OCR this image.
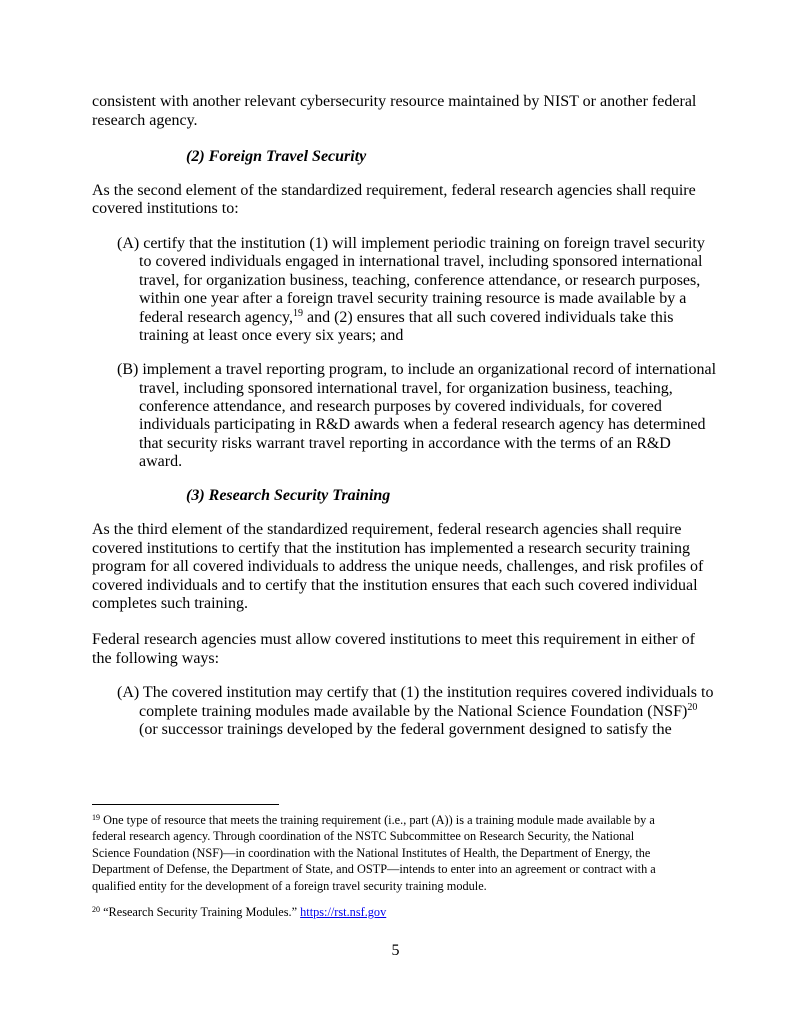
consistent with another relevant cybersecurity resource maintained by NIST or another federal
research agency.
(2) Foreign Travel Security
As the second element of the standardized requirement, federal research agencies shall require
covered institutions to:
(A) certify that the institution (1) will implement periodic training on foreign travel security
to covered individuals engaged in international travel, including sponsored international
travel, for organization business, teaching, conference attendance, or research purposes,
within one year after a foreign travel security training resource is made available by a
federal research agency,$^{19}$ and (2) ensures that all such covered individuals take this
training at least once every six years; and
(B) implement a travel reporting program, to include an organizational record of international
travel, including sponsored international travel, for organization business, teaching,
conference attendance, and research purposes by covered individuals, for covered
individuals participating in R&D awards when a federal research agency has determined
that security risks warrant travel reporting in accordance with the terms of an R&D
award.
(3) Research Security Training
As the third element of the standardized requirement, federal research agencies shall require
covered institutions to certify that the institution has implemented a research security training
program for all covered individuals to address the unique needs, challenges, and risk profiles of
covered individuals and to certify that the institution ensures that each such covered individual
completes such training.
Federal research agencies must allow covered institutions to meet this requirement in either of
the following ways:
(A) The covered institution may certify that (1) the institution requires covered individuals to
complete training modules made available by the National Science Foundation (NSF)$^{20}$
(or successor trainings developed by the federal government designed to satisfy the
$^{19}$ One type of resource that meets the training requirement (i.e., part (A)) is a training module made available by a
federal research agency. Through coordination of the NSTC Subcommittee on Research Security, the National
Science Foundation (NSF)—in coordination with the National Institutes of Health, the Department of Energy, the
Department of Defense, the Department of State, and OSTP—intends to enter into an agreement or contract with a
qualified entity for the development of a foreign travel security training module.
$^{20}$ “Research Security Training Modules.” https://rst.nsf.gov
5
